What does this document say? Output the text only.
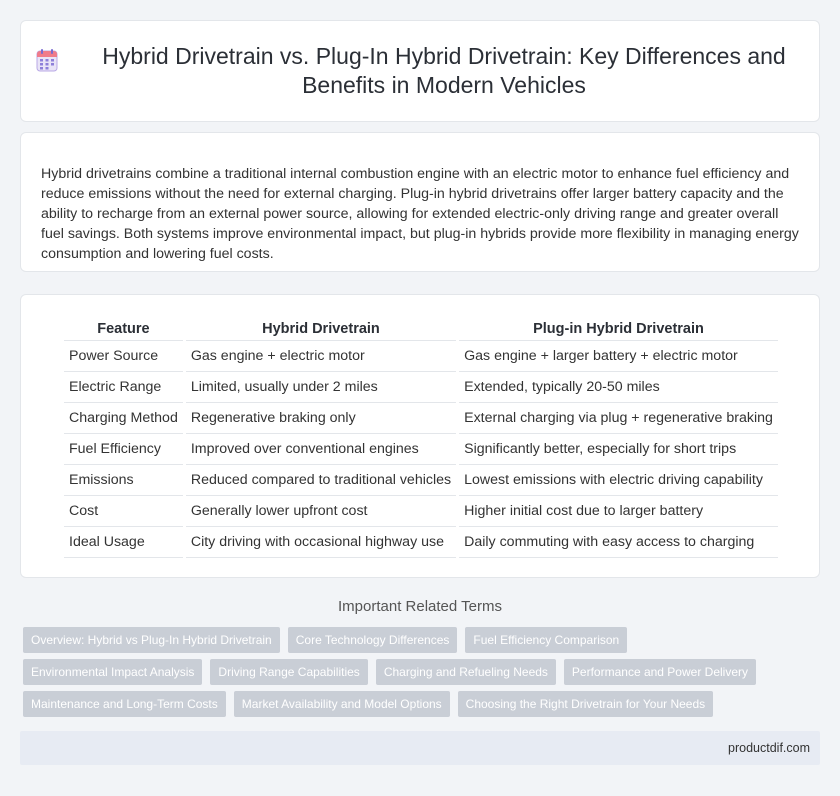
Hybrid Drivetrain vs. Plug-In Hybrid Drivetrain: Key Differences and Benefits in Modern Vehicles

Hybrid drivetrains combine a traditional internal combustion engine with an electric motor to enhance fuel efficiency and reduce emissions without the need for external charging. Plug-in hybrid drivetrains offer larger battery capacity and the ability to recharge from an external power source, allowing for extended electric-only driving range and greater overall fuel savings. Both systems improve environmental impact, but plug-in hybrids provide more flexibility in managing energy consumption and lowering fuel costs.

Feature	Hybrid Drivetrain	Plug-in Hybrid Drivetrain
Power Source	Gas engine + electric motor	Gas engine + larger battery + electric motor
Electric Range	Limited, usually under 2 miles	Extended, typically 20-50 miles
Charging Method	Regenerative braking only	External charging via plug + regenerative braking
Fuel Efficiency	Improved over conventional engines	Significantly better, especially for short trips
Emissions	Reduced compared to traditional vehicles	Lowest emissions with electric driving capability
Cost	Generally lower upfront cost	Higher initial cost due to larger battery
Ideal Usage	City driving with occasional highway use	Daily commuting with easy access to charging
Important Related Terms
Overview: Hybrid vs Plug-In Hybrid Drivetrain	Core Technology Differences	Fuel Efficiency Comparison
Environmental Impact Analysis	Driving Range Capabilities	Charging and Refueling Needs	Performance and Power Delivery
Maintenance and Long-Term Costs	Market Availability and Model Options	Choosing the Right Drivetrain for Your Needs
productdif.com
